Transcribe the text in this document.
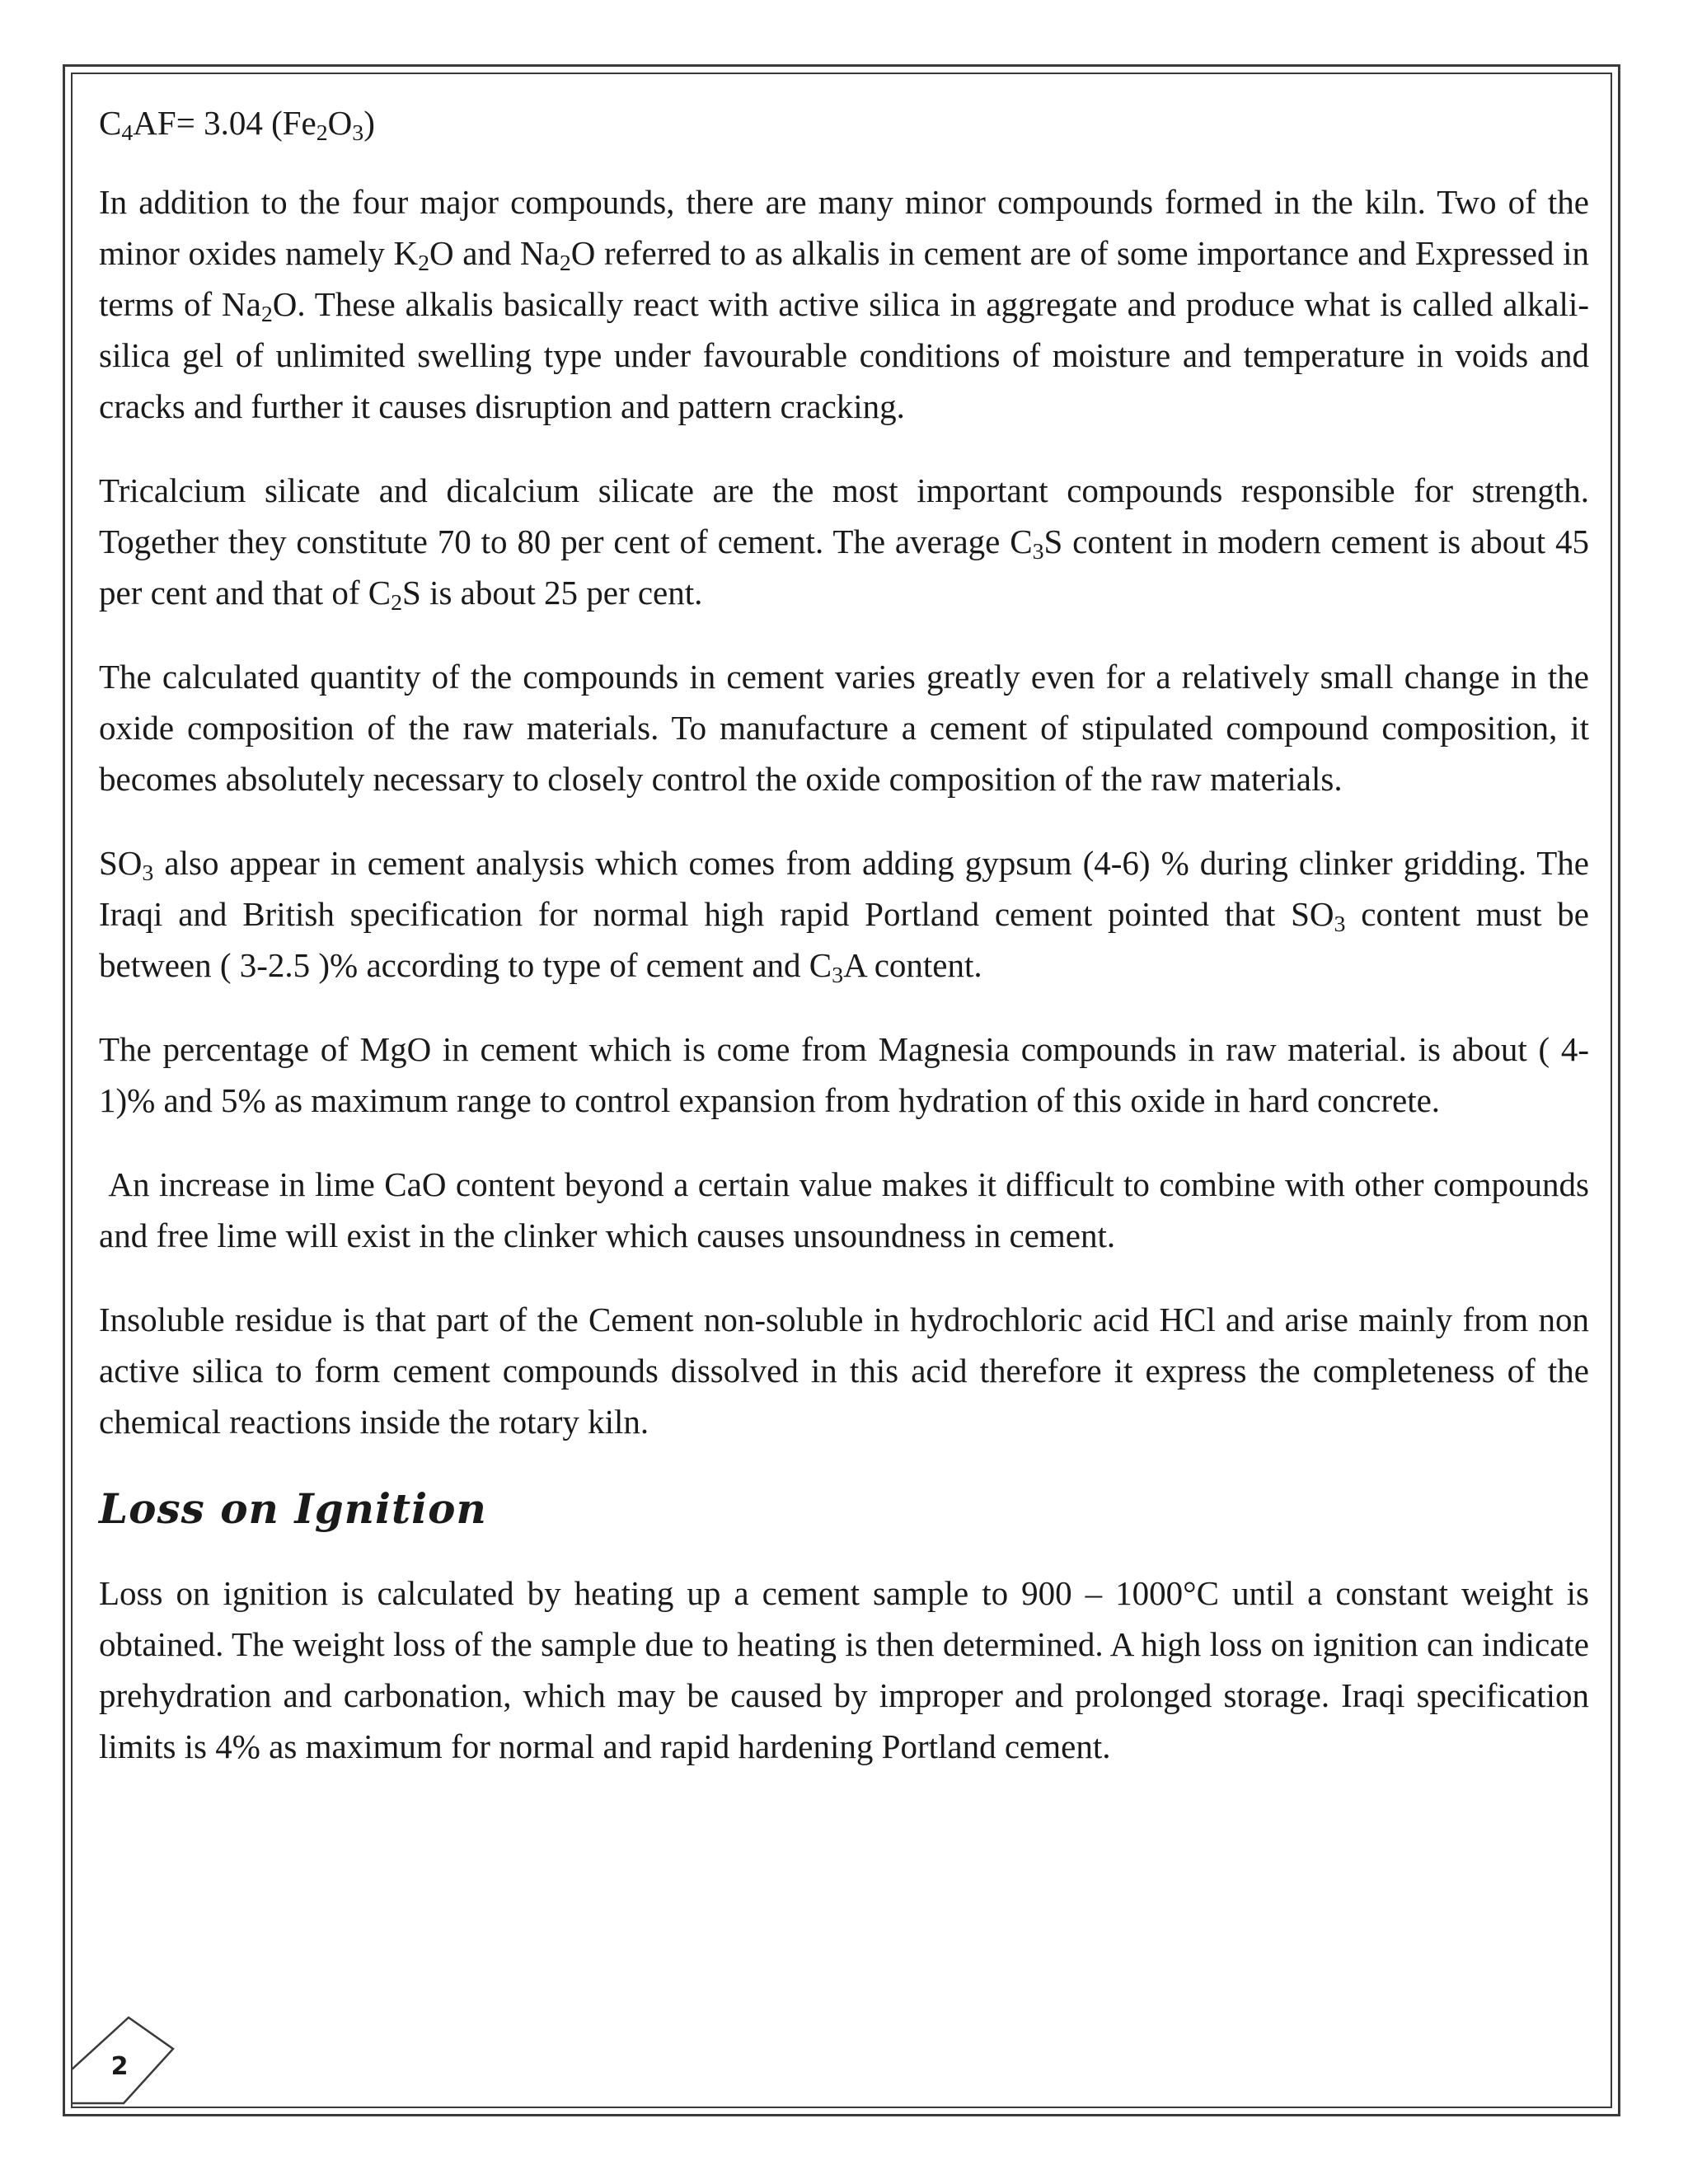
$C_4AF= 3.04$ $(Fe_2O_3)$

In addition to the four major compounds, there are many minor compounds formed in the kiln. Two of the minor oxides namely $K_2O$ and $Na_2O$ referred to as alkalis in cement are of some importance and Expressed in terms of $Na_2O$. These alkalis basically react with active silica in aggregate and produce what is called alkali-silica gel of unlimited swelling type under favourable conditions of moisture and temperature in voids and cracks and further it causes disruption and pattern cracking.

Tricalcium silicate and dicalcium silicate are the most important compounds responsible for strength. Together they constitute 70 to 80 per cent of cement. The average $C_3S$ content in modern cement is about 45 per cent and that of $C_2S$ is about 25 per cent.

The calculated quantity of the compounds in cement varies greatly even for a relatively small change in the oxide composition of the raw materials. To manufacture a cement of stipulated compound composition, it becomes absolutely necessary to closely control the oxide composition of the raw materials.

$SO_3$ also appear in cement analysis which comes from adding gypsum (4-6) % during clinker gridding. The Iraqi and British specification for normal high rapid Portland cement pointed that $SO_3$ content must be between ( 3-2.5 )% according to type of cement and $C_3A$ content.

The percentage of MgO in cement which is come from Magnesia compounds in raw material. is about ( 4-1)% and 5% as maximum range to control expansion from hydration of this oxide in hard concrete.

An increase in lime CaO content beyond a certain value makes it difficult to combine with other compounds and free lime will exist in the clinker which causes unsoundness in cement.

Insoluble residue is that part of the Cement non-soluble in hydrochloric acid HCl and arise mainly from non active silica to form cement compounds dissolved in this acid therefore it express the completeness of the chemical reactions inside the rotary kiln.

Loss on Ignition

Loss on ignition is calculated by heating up a cement sample to 900 – 1000°C until a constant weight is obtained. The weight loss of the sample due to heating is then determined. A high loss on ignition can indicate prehydration and carbonation, which may be caused by improper and prolonged storage. Iraqi specification limits is 4% as maximum for normal and rapid hardening Portland cement.

2
